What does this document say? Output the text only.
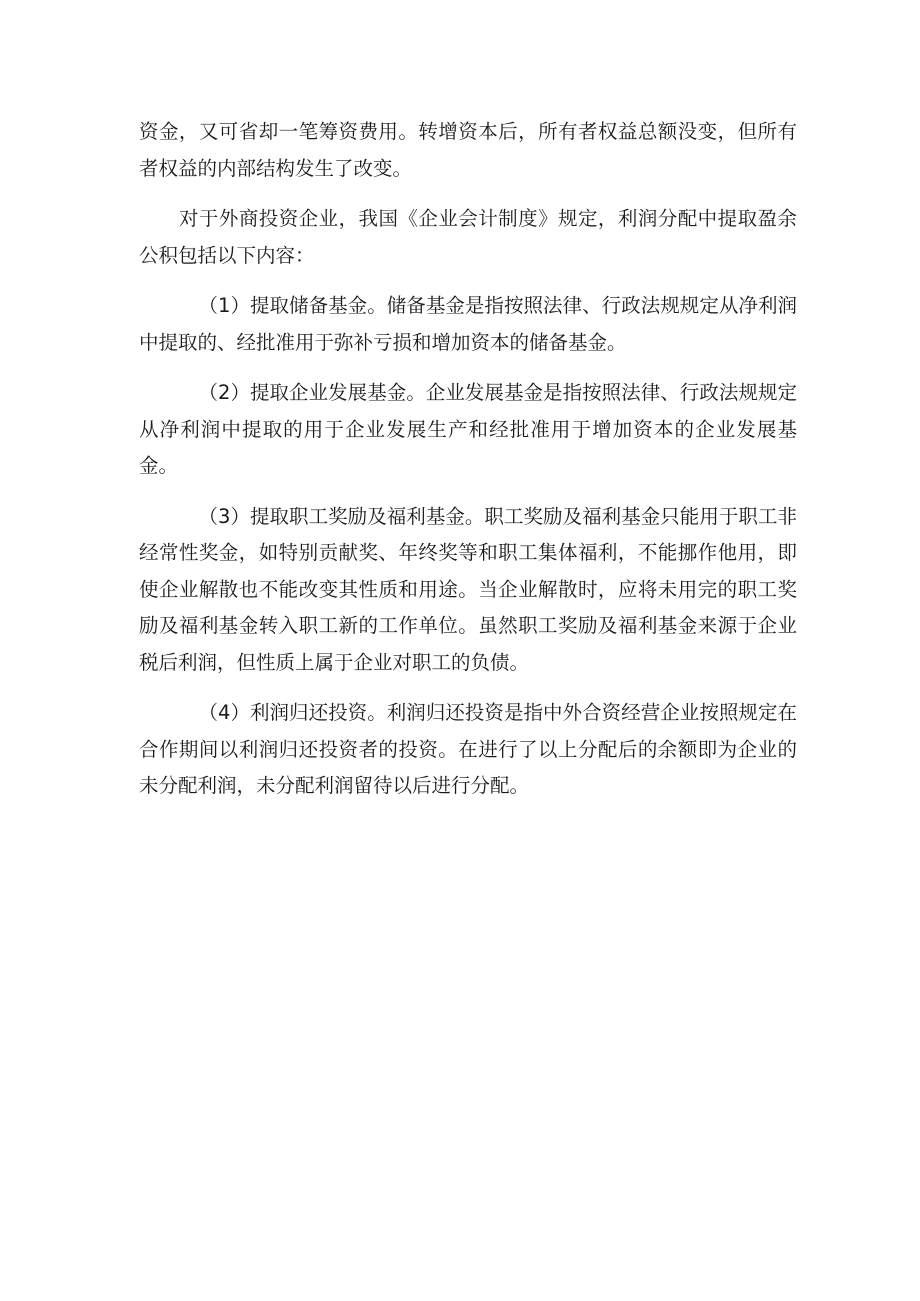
资金，又可省却一笔筹资费用。转增资本后，所有者权益总额没变，但所有者权益的内部结构发生了改变。

对于外商投资企业，我国《企业会计制度》规定，利润分配中提取盈余公积包括以下内容：

（1）提取储备基金。储备基金是指按照法律、行政法规规定从净利润中提取的、经批准用于弥补亏损和增加资本的储备基金。

（2）提取企业发展基金。企业发展基金是指按照法律、行政法规规定从净利润中提取的用于企业发展生产和经批准用于增加资本的企业发展基金。

（3）提取职工奖励及福利基金。职工奖励及福利基金只能用于职工非经常性奖金，如特别贡献奖、年终奖等和职工集体福利，不能挪作他用，即使企业解散也不能改变其性质和用途。当企业解散时，应将未用完的职工奖励及福利基金转入职工新的工作单位。虽然职工奖励及福利基金来源于企业税后利润，但性质上属于企业对职工的负债。

（4）利润归还投资。利润归还投资是指中外合资经营企业按照规定在合作期间以利润归还投资者的投资。在进行了以上分配后的余额即为企业的未分配利润，未分配利润留待以后进行分配。
